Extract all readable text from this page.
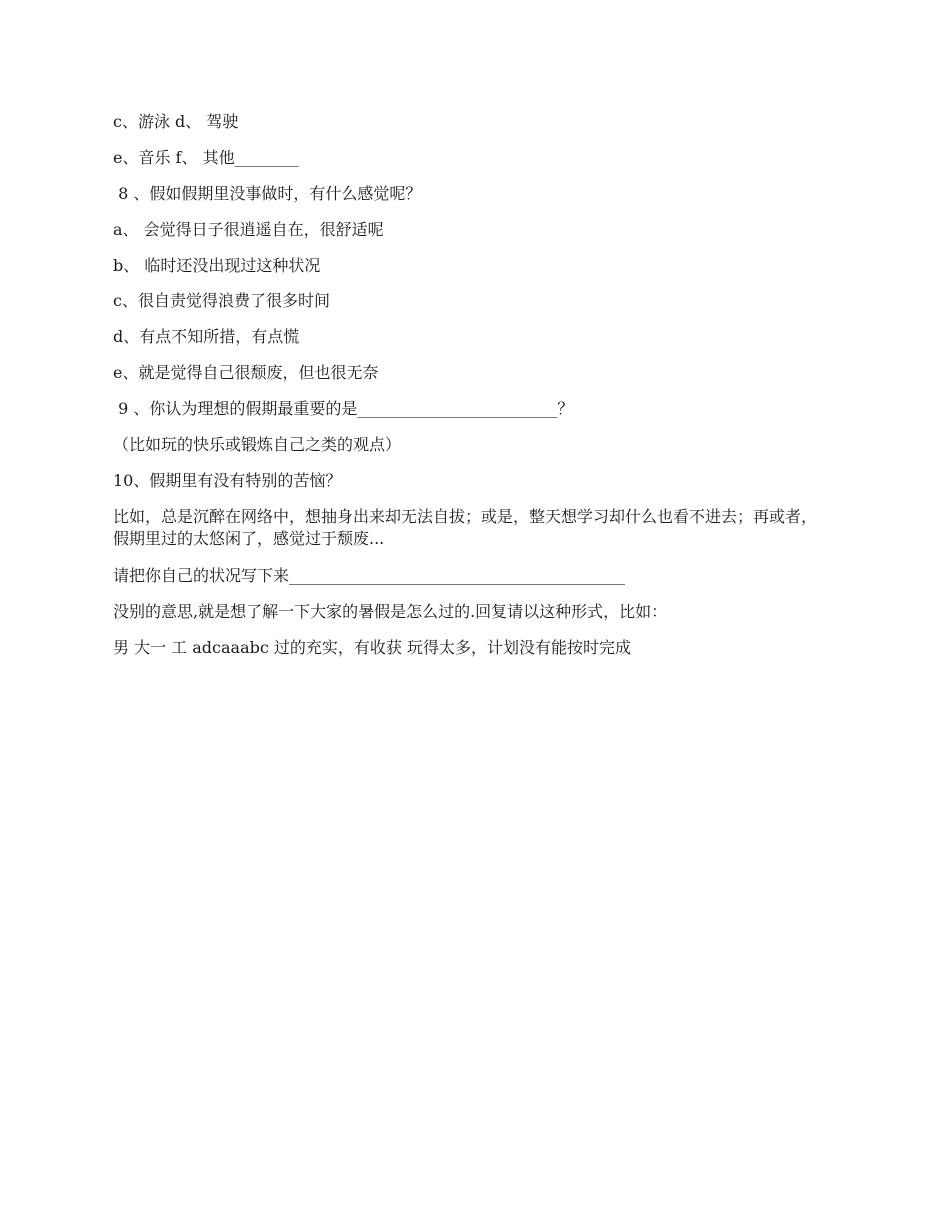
c、游泳 d、 驾驶

e、音乐 f、 其他________

8 、假如假期里没事做时，有什么感觉呢？

a、 会觉得日子很逍遥自在，很舒适呢

b、 临时还没出现过这种状况

c、很自责觉得浪费了很多时间

d、有点不知所措，有点慌

e、就是觉得自己很颓废，但也很无奈

9 、你认为理想的假期最重要的是_________________________？

（比如玩的快乐或锻炼自己之类的观点）

10、假期里有没有特别的苦恼？

比如，总是沉醉在网络中，想抽身出来却无法自拔；或是，整天想学习却什么也看不进去；再或者，假期里过的太悠闲了，感觉过于颓废...

请把你自己的状况写下来__________________________________________

没别的意思,就是想了解一下大家的暑假是怎么过的.回复请以这种形式，比如：

男 大一 工 adcaaabc 过的充实，有收获 玩得太多，计划没有能按时完成
